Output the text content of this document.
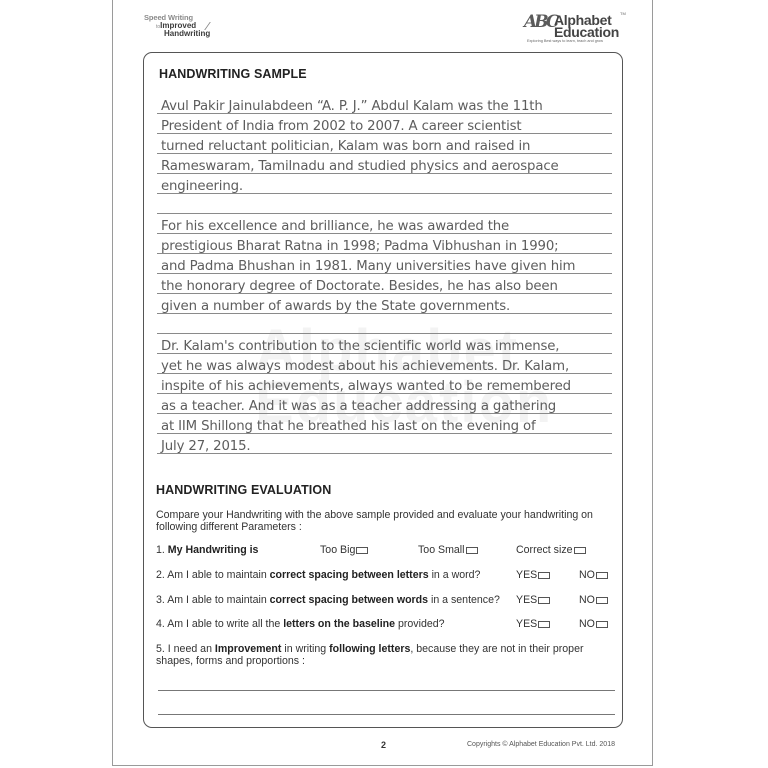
Speed Writing
toImproved
Handwriting
ABC
Alphabet TM
Education
Exploring Best ways to learn, teach and grow
HANDWRITING SAMPLE
Avul Pakir Jainulabdeen “A. P. J.” Abdul Kalam was the 11th
President of India from 2002 to 2007. A career scientist
turned reluctant politician, Kalam was born and raised in
Rameswaram, Tamilnadu and studied physics and aerospace
engineering.
For his excellence and brilliance, he was awarded the
prestigious Bharat Ratna in 1998; Padma Vibhushan in 1990;
and Padma Bhushan in 1981. Many universities have given him
the honorary degree of Doctorate. Besides, he has also been
given a number of awards by the State governments.
Dr. Kalam's contribution to the scientific world was immense,
yet he was always modest about his achievements. Dr. Kalam,
inspite of his achievements, always wanted to be remembered
as a teacher. And it was as a teacher addressing a gathering
at IIM Shillong that he breathed his last on the evening of
July 27, 2015.
HANDWRITING EVALUATION
Compare your Handwriting with the above sample provided and evaluate your handwriting on
following different Parameters :
1. My Handwriting is	Too Big	Too Small	Correct size
2. Am I able to maintain correct spacing between letters in a word?	YES	NO
3. Am I able to maintain correct spacing between words in a sentence? YES	NO
4. Am I able to write all the letters on the baseline provided?	YES	NO
5. I need an Improvement in writing following letters, because they are not in their proper
shapes, forms and proportions :
2	Copyrights © Alphabet Education Pvt. Ltd. 2018
